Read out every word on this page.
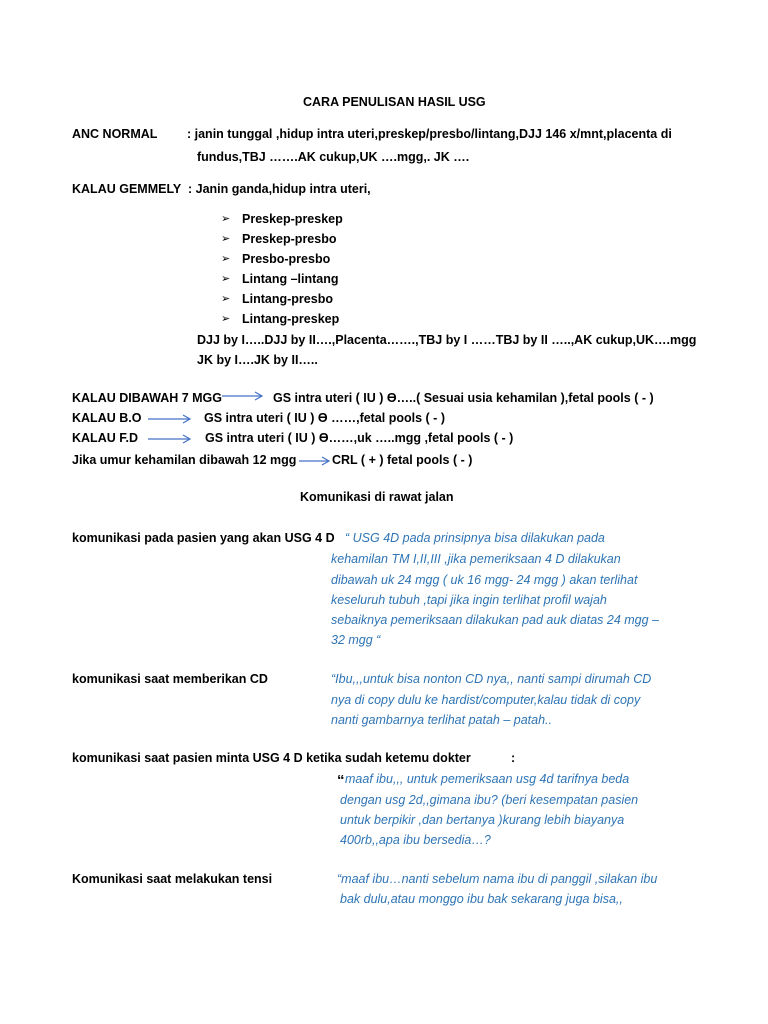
CARA PENULISAN HASIL USG
ANC NORMAL : janin tunggal ,hidup intra uteri,preskep/presbo/lintang,DJJ 146 x/mnt,placenta di
fundus,TBJ …….AK cukup,UK ….mgg,. JK ….
KALAU GEMMELY : Janin ganda,hidup intra uteri,
➢ Preskep-preskep
➢ Preskep-presbo
➢ Presbo-presbo
➢ Lintang –lintang
➢ Lintang-presbo
➢ Lintang-preskep
DJJ by I…..DJJ by II….,Placenta…….,TBJ by I ……TBJ by II …..,AK cukup,UK….mgg
JK by I….JK by II…..
KALAU DIBAWAH 7 MGG	GS intra uteri ( IU ) ϴ…..( Sesuai usia kehamilan ),fetal pools ( - )
KALAU B.O	GS intra uteri ( IU ) ϴ ……,fetal pools ( - )
KALAU F.D	GS intra uteri ( IU ) ϴ……,uk …..mgg ,fetal pools ( - )
Jika umur kehamilan dibawah 12 mgg	CRL ( + ) fetal pools ( - )
Komunikasi di rawat jalan
komunikasi pada pasien yang akan USG 4 D “ USG 4D pada prinsipnya bisa dilakukan pada
kehamilan TM I,II,III ,jika pemeriksaan 4 D dilakukan
dibawah uk 24 mgg ( uk 16 mgg- 24 mgg ) akan terlihat
keseluruh tubuh ,tapi jika ingin terlihat profil wajah
sebaiknya pemeriksaan dilakukan pad auk diatas 24 mgg –
32 mgg “
komunikasi saat memberikan CD	“Ibu,,,untuk bisa nonton CD nya,, nanti sampi dirumah CD
nya di copy dulu ke hardist/computer,kalau tidak di copy
nanti gambarnya terlihat patah – patah..
komunikasi saat pasien minta USG 4 D ketika sudah ketemu dokter	:
“ maaf ibu,,, untuk pemeriksaan usg 4d tarifnya beda
dengan usg 2d,,gimana ibu? (beri kesempatan pasien
untuk berpikir ,dan bertanya )kurang lebih biayanya
400rb,,apa ibu bersedia…?
Komunikasi saat melakukan tensi	“maaf ibu…nanti sebelum nama ibu di panggil ,silakan ibu
bak dulu,atau monggo ibu bak sekarang juga bisa,,
